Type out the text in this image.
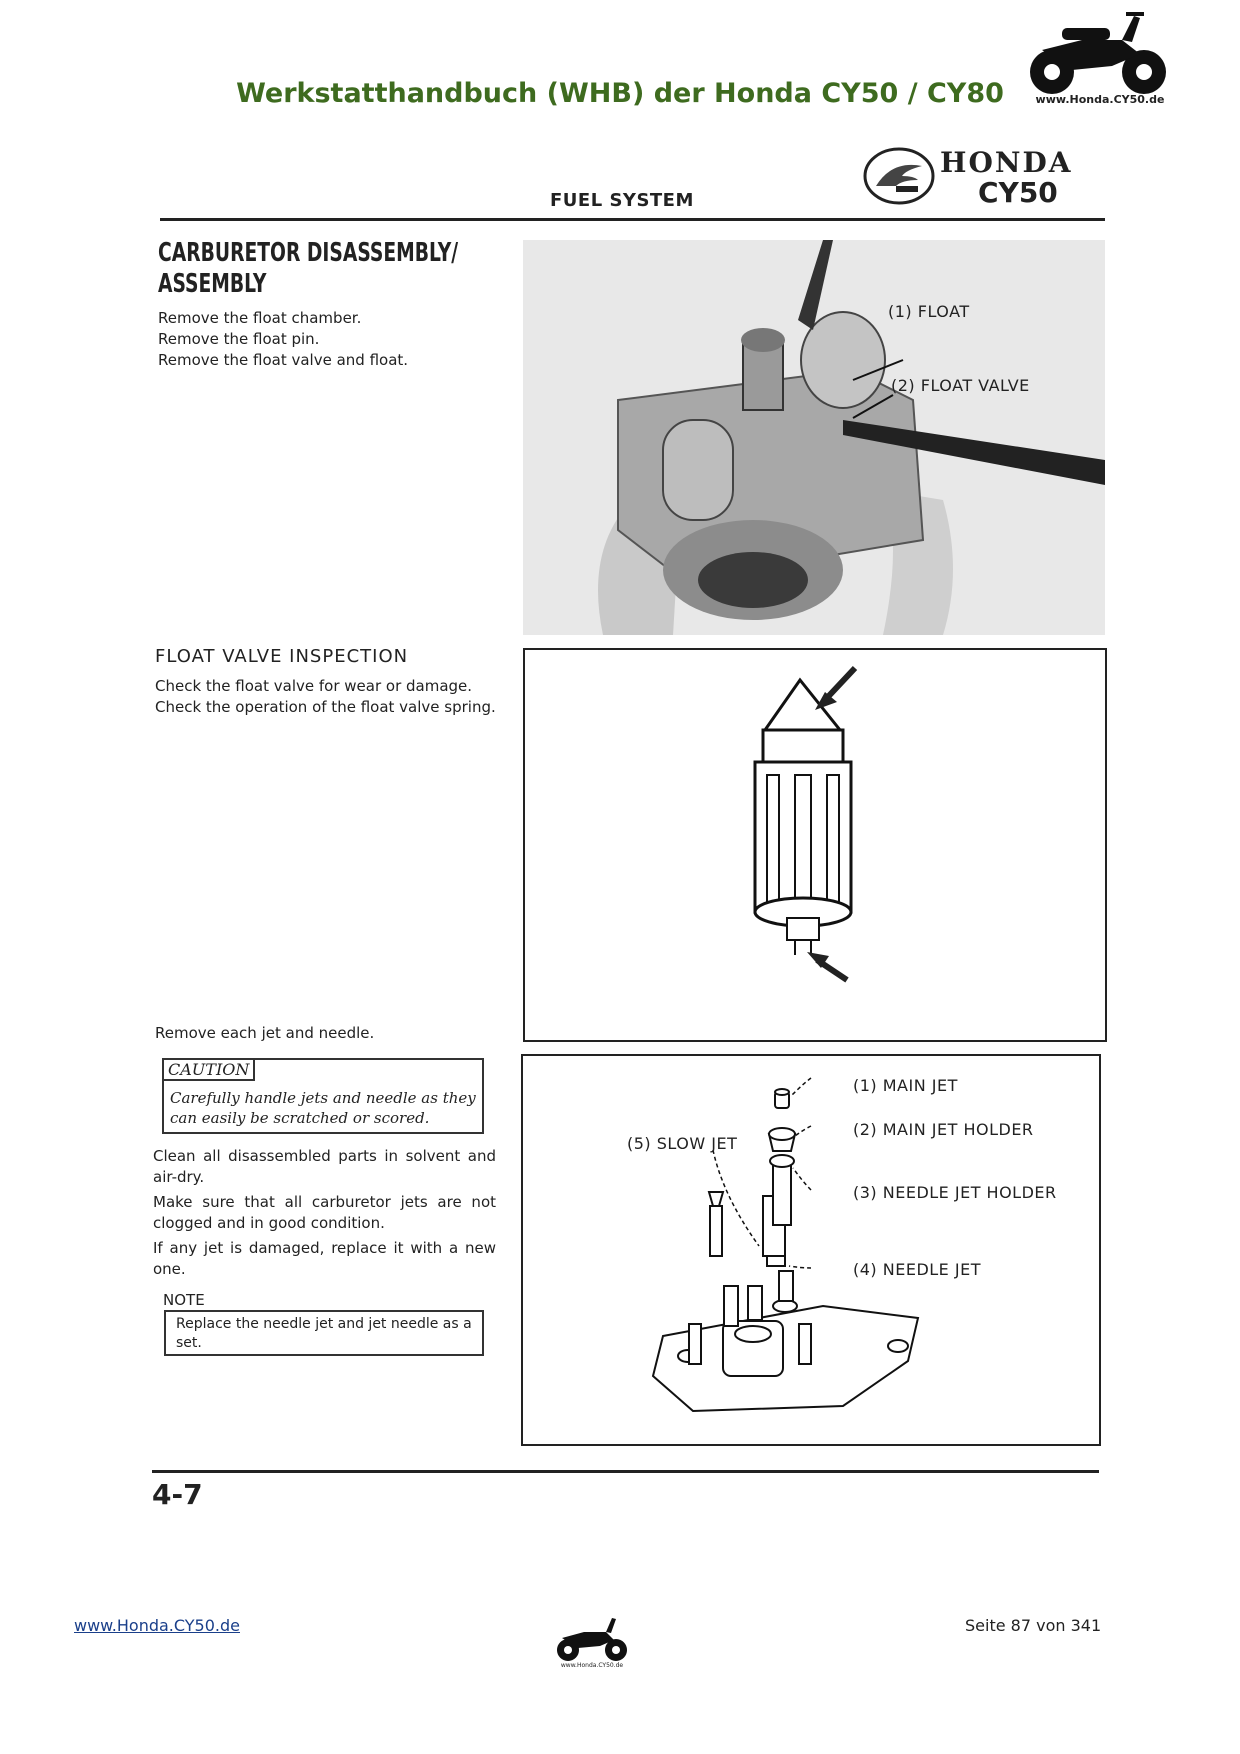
Werkstatthandbuch (WHB) der Honda CY50 / CY80	www.Honda.CY50.de
FUEL SYSTEM
HONDA
CY50
CARBURETOR DISASSEMBLY/ ASSEMBLY
Remove the float chamber.
Remove the float pin.
Remove the float valve and float.
(1) FLOAT
(2) FLOAT VALVE
FLOAT VALVE INSPECTION
Check the float valve for wear or damage.
Check the operation of the float valve spring.
Remove each jet and needle.
CAUTION
Carefully handle jets and needle as they can easily be scratched or scored.

Clean all disassembled parts in solvent and air-dry.

Make sure that all carburetor jets are not clogged and in good condition.

If any jet is damaged, replace it with a new one.

NOTE
Replace the needle jet and jet needle as a set.
(1) MAIN JET
(2) MAIN JET HOLDER
(3) NEEDLE JET HOLDER
(4) NEEDLE JET
(5) SLOW JET
4-7
www.Honda.CY50.de
www.Honda.CY50.de
Seite 87 von 341
